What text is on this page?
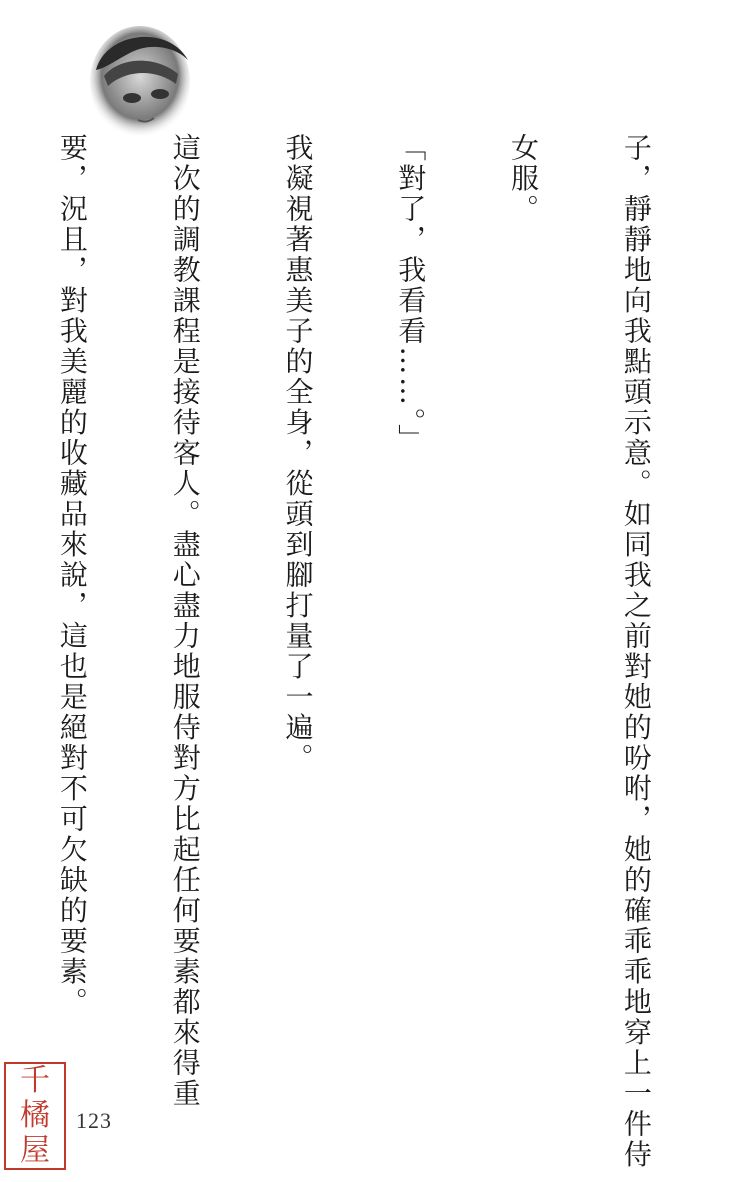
子，靜靜地向我點頭示意。如同我之前對她的吩咐，她的確乖乖地穿上一件侍

女服。

「對了，我看看……。」

我凝視著惠美子的全身，從頭到腳打量了一遍。

這次的調教課程是接待客人。盡心盡力地服侍對方比起任何要素都來得重

要，況且，對我美麗的收藏品來說，這也是絕對不可欠缺的要素。

123
千
橘
屋
